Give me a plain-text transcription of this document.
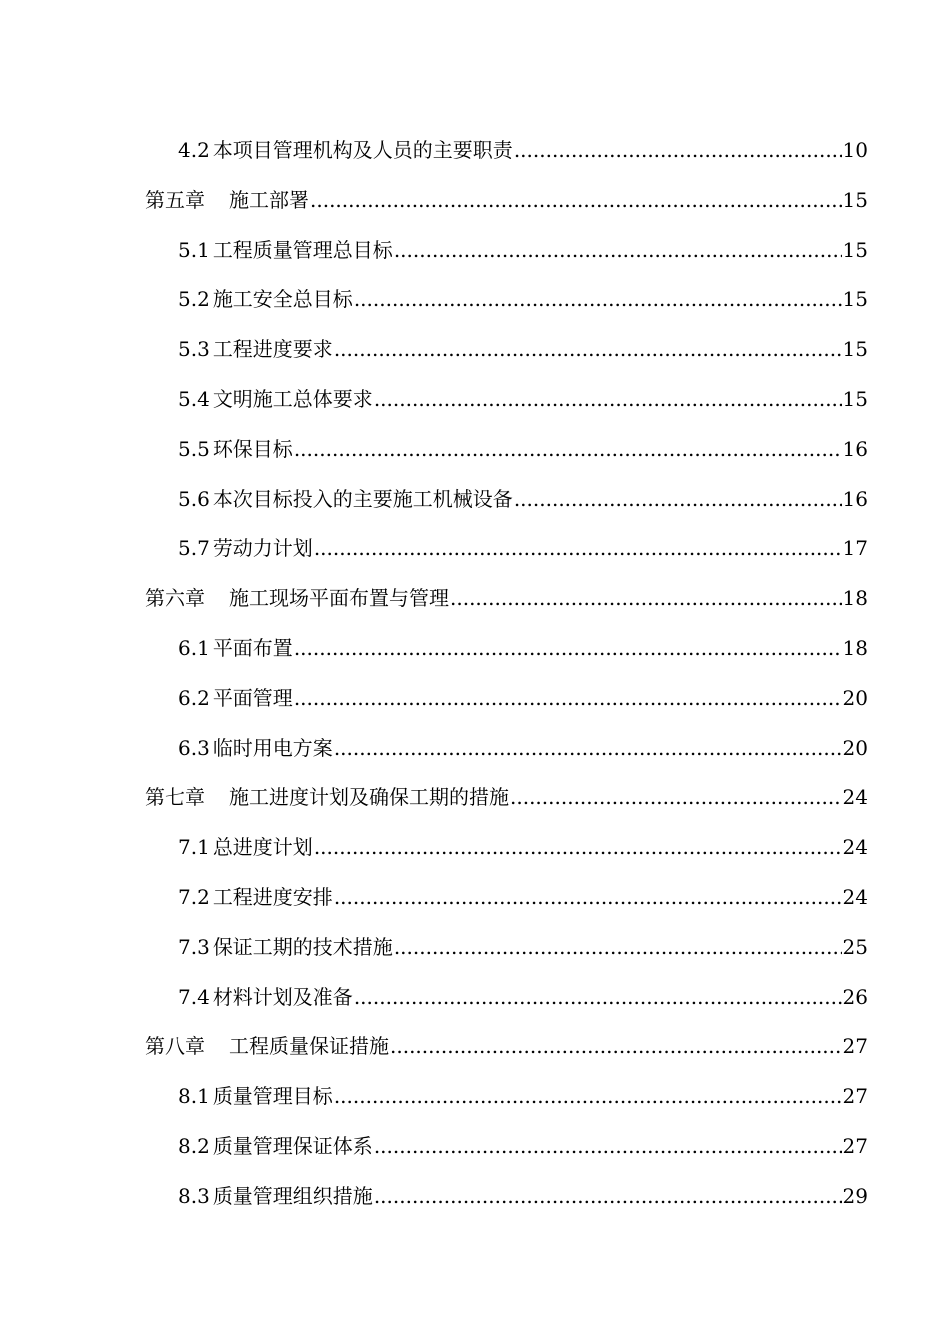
4.2 本项目管理机构及人员的主要职责 .....	10
第五章 施工部署 .....	15
5.1 工程质量管理总目标 .....	15
5.2 施工安全总目标 .....	15
5.3 工程进度要求 .....	15
5.4 文明施工总体要求 .....	15
5.5 环保目标 .....	16
5.6 本次目标投入的主要施工机械设备 .....	16
5.7 劳动力计划 .....	17
第六章 施工现场平面布置与管理 .....	18
6.1 平面布置 .....	18
6.2 平面管理 .....	20
6.3 临时用电方案 .....	20
第七章 施工进度计划及确保工期的措施 .....	24
7.1 总进度计划 .....	24
7.2 工程进度安排 .....	24
7.3 保证工期的技术措施 .....	25
7.4 材料计划及准备 .....	26
第八章 工程质量保证措施 .....	27
8.1 质量管理目标 .....	27
8.2 质量管理保证体系 .....	27
8.3 质量管理组织措施 .....	29
